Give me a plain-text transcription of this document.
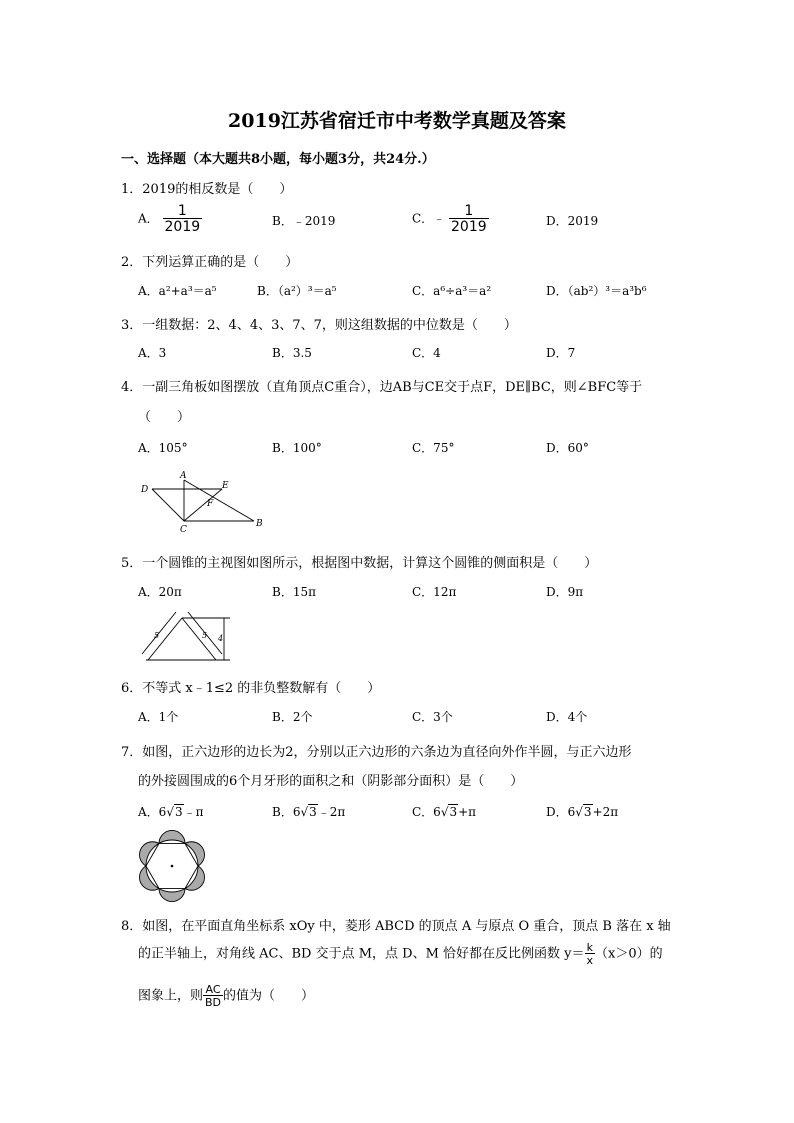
2019江苏省宿迁市中考数学真题及答案
一、选择题（本大题共8小题，每小题3分，共24分.）
1．2019的相反数是（　　）
A． $\frac{1}{2019}$	B．﹣2019	C．﹣ $\frac{1}{2019}$	D．2019
2．下列运算正确的是（　　）
A．a²+a³＝a⁵	B．（a²）³＝a⁵	C．a⁶÷a³＝a²	D．（ab²）³＝a³b⁶
3．一组数据：2、4、4、3、7、7，则这组数据的中位数是（　　）
A．3	B．3.5	C．4	D．7
4．一副三角板如图摆放（直角顶点C重合），边AB与CE交于点F，DE∥BC，则∠BFC等于
（　　）
A．105°	B．100°	C．75°	D．60°
A
D	E
F
C
B
5．一个圆锥的主视图如图所示，根据图中数据，计算这个圆锥的侧面积是（　　）
A．20π	B．15π	C．12π	D．9π
5	5 4
6．不等式 x﹣1≤2 的非负整数解有（　　）
A．1个	B．2个	C．3个	D．4个
7．如图，正六边形的边长为2，分别以正六边形的六条边为直径向外作半圆，与正六边形
的外接圆围成的6个月牙形的面积之和（阴影部分面积）是（　　）
A．6√3﹣π	B．6√3﹣2π	C．6√3+π	D．6√3+2π
8．如图，在平面直角坐标系 xOy 中，菱形 ABCD 的顶点 A 与原点 O 重合，顶点 B 落在 x 轴
的正半轴上，对角线 AC、BD 交于点 M，点 D、M 恰好都在反比例函数 $y= \frac{k}{x} (x>0)$的
图象上，则 $\frac{AC}{BD}$ 的值为（　　）
